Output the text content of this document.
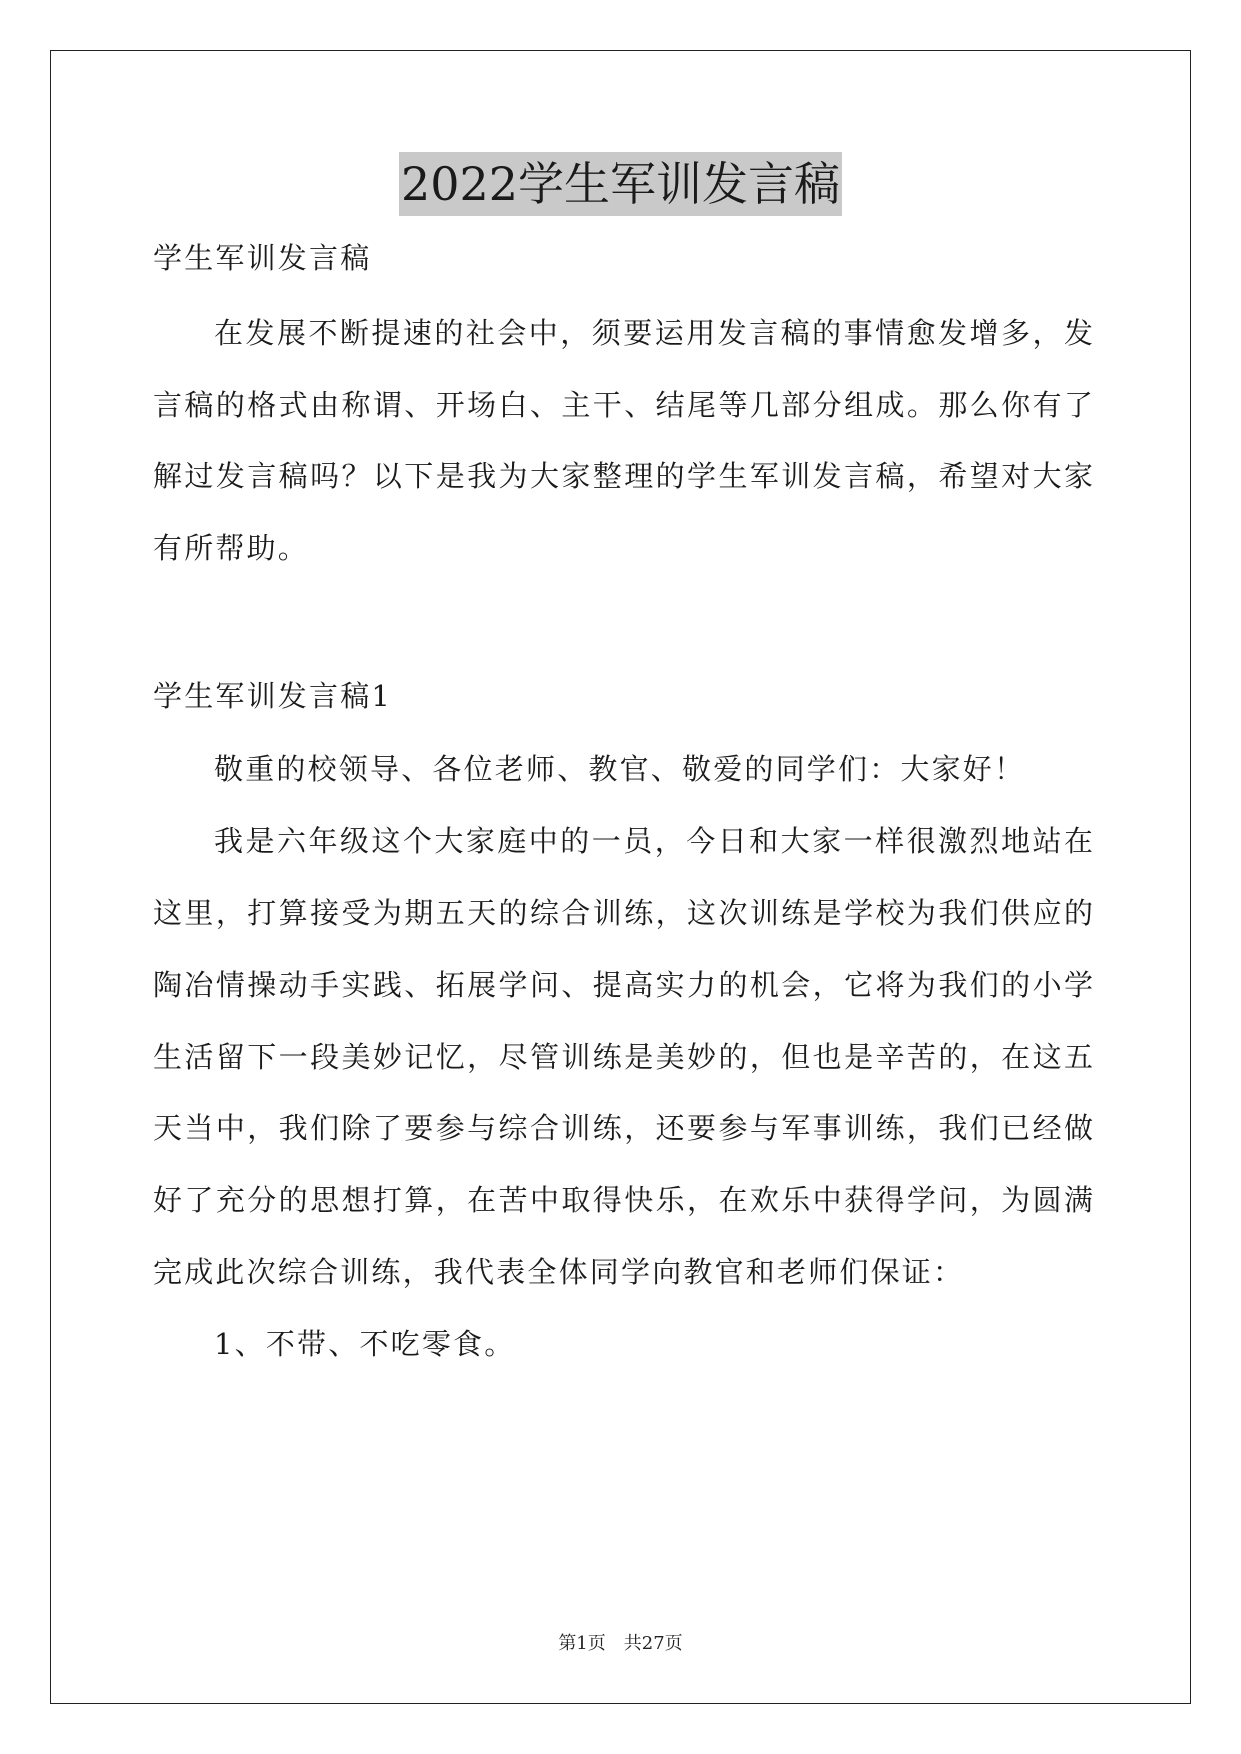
2022学生军训发言稿
学生军训发言稿
在发展不断提速的社会中，须要运用发言稿的事情愈发增多，发
言稿的格式由称谓、开场白、主干、结尾等几部分组成。那么你有了
解过发言稿吗？以下是我为大家整理的学生军训发言稿，希望对大家
有所帮助。
学生军训发言稿1
敬重的校领导、各位老师、教官、敬爱的同学们：大家好！
我是六年级这个大家庭中的一员，今日和大家一样很激烈地站在
这里，打算接受为期五天的综合训练，这次训练是学校为我们供应的
陶冶情操动手实践、拓展学问、提高实力的机会，它将为我们的小学
生活留下一段美妙记忆，尽管训练是美妙的，但也是辛苦的，在这五
天当中，我们除了要参与综合训练，还要参与军事训练，我们已经做
好了充分的思想打算，在苦中取得快乐，在欢乐中获得学问，为圆满
完成此次综合训练，我代表全体同学向教官和老师们保证：
1、不带、不吃零食。
第1页 共27页
